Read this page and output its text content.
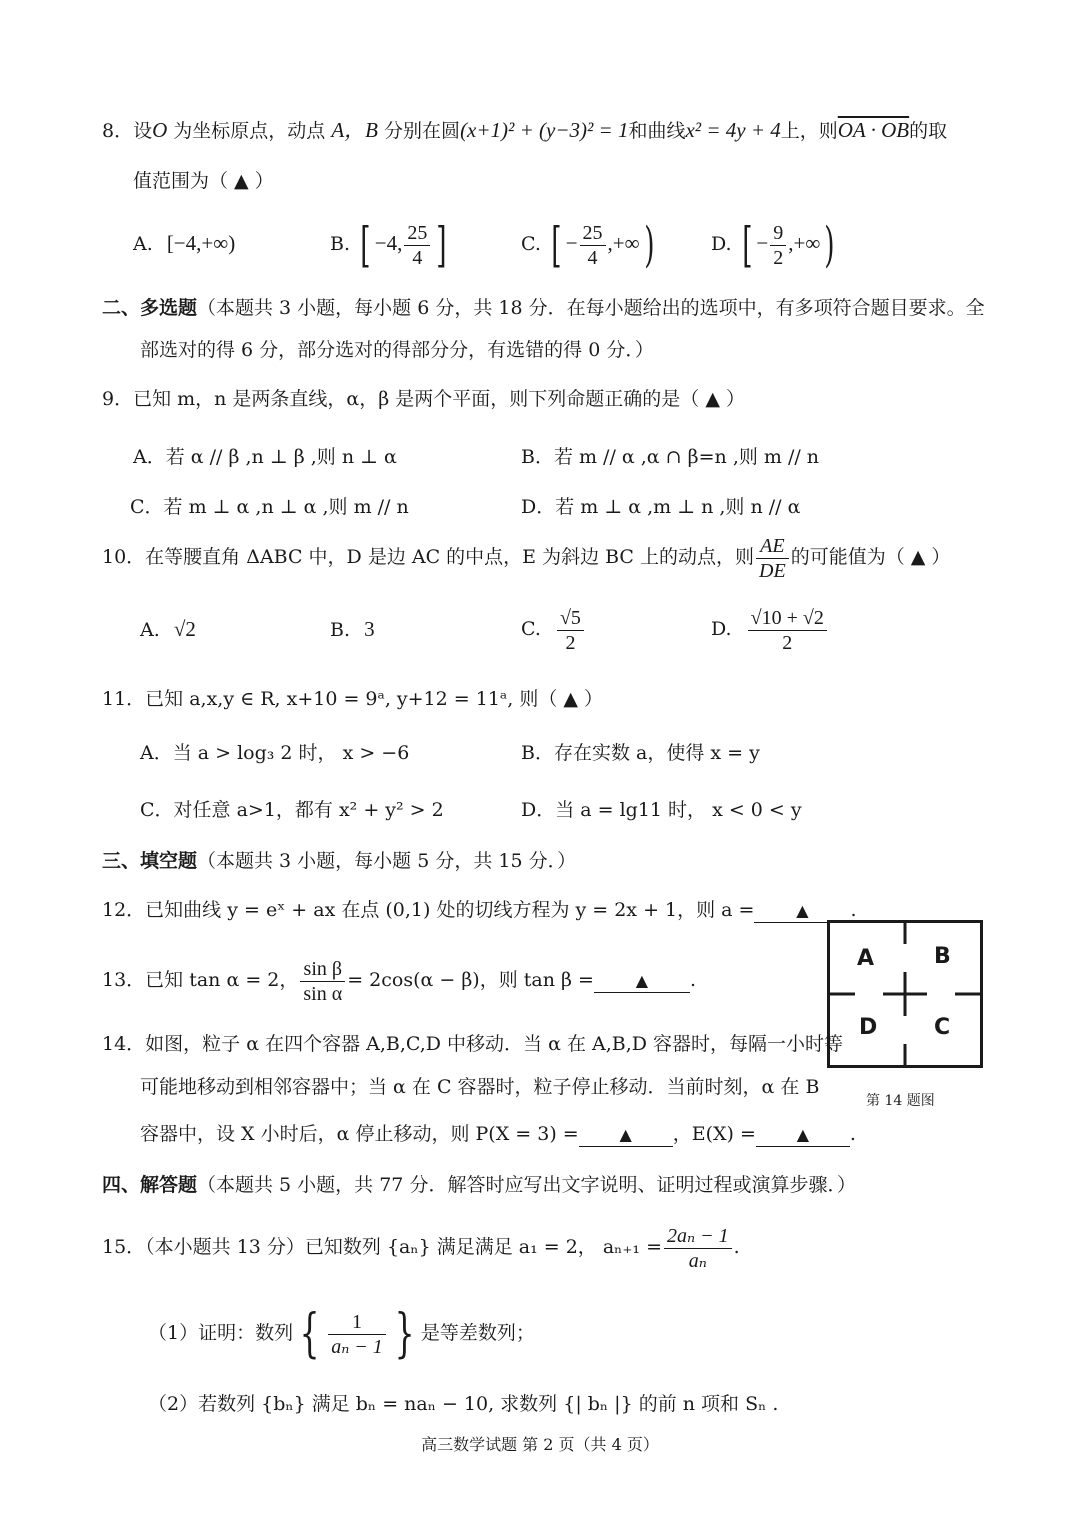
8．设O 为坐标原点，动点 A，B 分别在圆(x+1)² + (y−3)² = 1和曲线x² = 4y + 4上，则OA · OB的取
值范围为（ ▲ ）
A. [−4,+∞)	B. [ −4, $\frac{25}{4}$ ]	C. [ − $\frac{25}{4}$ ,+∞)	D. [ − $\frac{9}{2}$ ,+∞)
二、多选题（本题共 3 小题，每小题 6 分，共 18 分．在每小题给出的选项中，有多项符合题目要求。全
部选对的得 6 分，部分选对的得部分分，有选错的得 0 分．）
9．已知 m，n 是两条直线，α，β 是两个平面，则下列命题正确的是（ ▲ ）
A．若 α // β ,n ⊥ β ,则 n ⊥ α	B．若 m // α ,α ∩ β=n ,则 m // n
C．若 m ⊥ α ,n ⊥ α ,则 m // n	D．若 m ⊥ α ,m ⊥ n ,则 n // α
10．在等腰直角 ΔABC 中，D 是边 AC 的中点，E 为斜边 BC 上的动点，则 $\frac{AE}{DE}$ 的可能值为（ ▲ ）
A. √2	B. 3	C. $\frac{√5}{2}$	D. $\frac{√10 + √2}{2}$
11．已知 a,x,y ∈ R, x+10 = 9ᵃ, y+12 = 11ᵃ, 则（ ▲ ）
A．当 a > log₃ 2 时， x > −6	B．存在实数 a，使得 x = y
C．对任意 a>1，都有 x² + y² > 2	D．当 a = lg11 时， x < 0 < y
三、填空题（本题共 3 小题，每小题 5 分，共 15 分．）
12．已知曲线 y = eˣ + ax 在点 (0,1) 处的切线方程为 y = 2x + 1，则 a =	▲ .
13．已知 tan α = 2， $\frac{\text{sin β}}{\text{sin α}} = 2\cos(\alpha - \beta)$，则 tan β =	▲ .
14．如图，粒子 α 在四个容器 A,B,C,D 中移动．当 α 在 A,B,D 容器时，每隔一小时等
可能地移动到相邻容器中；当 α 在 C 容器时，粒子停止移动．当前时刻，α 在 B
容器中，设 X 小时后，α 停止移动，则 P(X = 3) =	▲ ，E(X) =	▲ .
A	B
D	C
第 14 题图
四、解答题（本题共 5 小题，共 77 分．解答时应写出文字说明、证明过程或演算步骤．）
15．（本小题共 13 分）已知数列 {aₙ} 满足满足 a₁ = 2， $a_{n+1} = \frac{\text{2aₙ − 1}}{\text{aₙ}}$ .
（1）证明：数列 { $\frac{1}{\text{aₙ − 1}}$ } 是等差数列；
（2）若数列 {bₙ} 满足 bₙ = naₙ − 10, 求数列 {| bₙ |} 的前 n 项和 Sₙ .
高三数学试题 第 2 页（共 4 页）
